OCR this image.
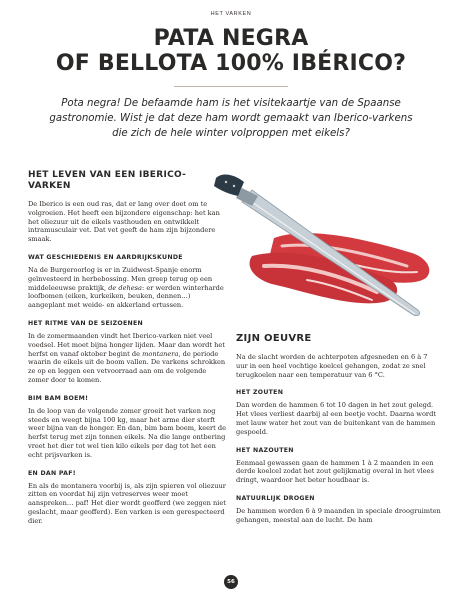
HET VARKEN
PATA NEGRA
OF BELLOTA 100% IBÉRICO?
Pota negra! De befaamde ham is het visitekaartje van de Spaanse gastronomie. Wist je dat deze ham wordt gemaakt van Iberico-varkens die zich de hele winter volproppen met eikels?
HET LEVEN VAN EEN IBERICO-VARKEN

De Iberico is een oud ras, dat er lang over doet om te volgroeien. Het heeft een bijzondere eigenschap: het kan het oliezuur uit de eikels vasthouden en ontwikkelt intramusculair vet. Dat vet geeft de ham zijn bijzondere smaak.

WAT GESCHIEDENIS EN AARDRIJKSKUNDE

Na de Burgeroorlog is er in Zuidwest-Spanje enorm geïnvesteerd in herbebossing. Men greep terug op een middeleeuwse praktijk, de dehesa: er werden winterharde loofbomen (eiken, kurkeiken, beuken, dennen…) aangeplant met weide- en akkerland ertussen.

HET RITME VAN DE SEIZOENEN

In de zomermaanden vindt het Iberico-varken niet veel voedsel. Het moet bijna honger lijden. Maar dan wordt het herfst en vanaf oktober begint de montanera, de periode waarin de eikels uit de boom vallen. De varkens schrokken ze op en leggen een vetvoorraad aan om de volgende zomer door te komen.

BIM BAM BOEM!

In de loop van de volgende zomer groeit het varken nog steeds en weegt bijna 100 kg, maar het arme dier sterft weer bijna van de honger. En dan, bim bam boem, keert de herfst terug met zijn tonnen eikels. Na die lange ontbering vreet het dier tot wel tien kilo eikels per dag tot het een echt prijsvarken is.

EN DAN PAF!

En als de montanera voorbij is, als zijn spieren vol oliezuur zitten en voordat hij zijn vetreserves weer moet aanspreken… paf! Het dier wordt geofferd (we zeggen niet geslacht, maar geofferd). Een varken is een gerespecteerd dier.

ZIJN OEUVRE

Na de slacht worden de achterpoten afgesneden en 6 à 7 uur in een heel vochtige koelcel gehangen, zodat ze snel terugkoelen naar een temperatuur van 6 °C.

HET ZOUTEN

Dan worden de hammen 6 tot 10 dagen in het zout gelegd. Het vlees verliest daarbij al een beetje vocht. Daarna wordt met lauw water het zout van de buitenkant van de hammen gespoeld.

HET NAZOUTEN

Eenmaal gewassen gaan de hammen 1 à 2 maanden in een derde koelcel zodat het zout gelijkmatig overal in het vlees dringt, waardoor het beter houdbaar is.

NATUURLIJK DROGEN

De hammen worden 6 à 9 maanden in speciale droogruimten gehangen, meestal aan de lucht. De ham

56
